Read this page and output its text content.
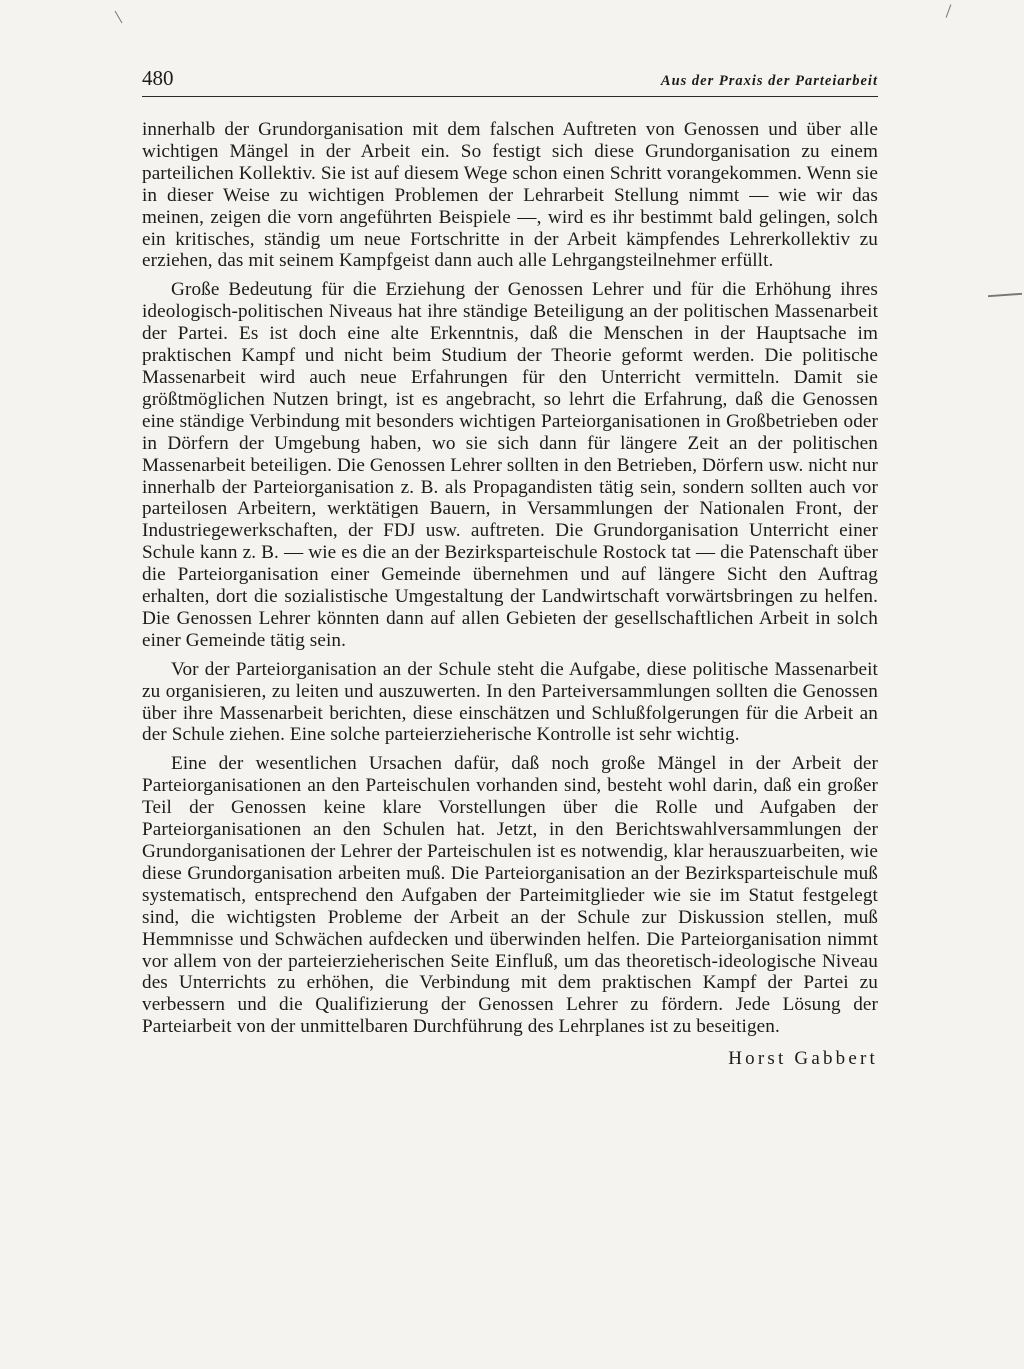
480	Aus der Praxis der Parteiarbeit

innerhalb der Grundorganisation mit dem falschen Auftreten von Genossen und über alle wichtigen Mängel in der Arbeit ein. So festigt sich diese Grundorganisation zu einem parteilichen Kollektiv. Sie ist auf diesem Wege schon einen Schritt vorangekommen. Wenn sie in dieser Weise zu wichtigen Problemen der Lehrarbeit Stellung nimmt — wie wir das meinen, zeigen die vorn angeführten Beispiele —, wird es ihr bestimmt bald gelingen, solch ein kritisches, ständig um neue Fortschritte in der Arbeit kämpfendes Lehrerkollektiv zu erziehen, das mit seinem Kampfgeist dann auch alle Lehrgangsteilnehmer erfüllt.

Große Bedeutung für die Erziehung der Genossen Lehrer und für die Erhöhung ihres ideologisch-politischen Niveaus hat ihre ständige Beteiligung an der politischen Massenarbeit der Partei. Es ist doch eine alte Erkenntnis, daß die Menschen in der Hauptsache im praktischen Kampf und nicht beim Studium der Theorie geformt werden. Die politische Massenarbeit wird auch neue Erfahrungen für den Unterricht vermitteln. Damit sie größtmöglichen Nutzen bringt, ist es angebracht, so lehrt die Erfahrung, daß die Genossen eine ständige Verbindung mit besonders wichtigen Parteiorganisationen in Großbetrieben oder in Dörfern der Umgebung haben, wo sie sich dann für längere Zeit an der politischen Massenarbeit beteiligen. Die Genossen Lehrer sollten in den Betrieben, Dörfern usw. nicht nur innerhalb der Parteiorganisation z. B. als Propagandisten tätig sein, sondern sollten auch vor parteilosen Arbeitern, werktätigen Bauern, in Versammlungen der Nationalen Front, der Industriegewerkschaften, der FDJ usw. auftreten. Die Grundorganisation Unterricht einer Schule kann z. B. — wie es die an der Bezirksparteischule Rostock tat — die Patenschaft über die Parteiorganisation einer Gemeinde übernehmen und auf längere Sicht den Auftrag erhalten, dort die sozialistische Umgestaltung der Landwirtschaft vorwärtsbringen zu helfen. Die Genossen Lehrer könnten dann auf allen Gebieten der gesellschaftlichen Arbeit in solch einer Gemeinde tätig sein.

Vor der Parteiorganisation an der Schule steht die Aufgabe, diese politische Massenarbeit zu organisieren, zu leiten und auszuwerten. In den Parteiversammlungen sollten die Genossen über ihre Massenarbeit berichten, diese einschätzen und Schlußfolgerungen für die Arbeit an der Schule ziehen. Eine solche parteierzieherische Kontrolle ist sehr wichtig.

Eine der wesentlichen Ursachen dafür, daß noch große Mängel in der Arbeit der Parteiorganisationen an den Parteischulen vorhanden sind, besteht wohl darin, daß ein großer Teil der Genossen keine klare Vorstellungen über die Rolle und Aufgaben der Parteiorganisationen an den Schulen hat. Jetzt, in den Berichtswahlversammlungen der Grundorganisationen der Lehrer der Parteischulen ist es notwendig, klar herauszuarbeiten, wie diese Grundorganisation arbeiten muß. Die Parteiorganisation an der Bezirksparteischule muß systematisch, entsprechend den Aufgaben der Parteimitglieder wie sie im Statut festgelegt sind, die wichtigsten Probleme der Arbeit an der Schule zur Diskussion stellen, muß Hemmnisse und Schwächen aufdecken und überwinden helfen. Die Parteiorganisation nimmt vor allem von der parteierzieherischen Seite Einfluß, um das theoretisch-ideologische Niveau des Unterrichts zu erhöhen, die Verbindung mit dem praktischen Kampf der Partei zu verbessern und die Qualifizierung der Genossen Lehrer zu fördern. Jede Lösung der Parteiarbeit von der unmittelbaren Durchführung des Lehrplanes ist zu beseitigen.

Horst Gabbert
